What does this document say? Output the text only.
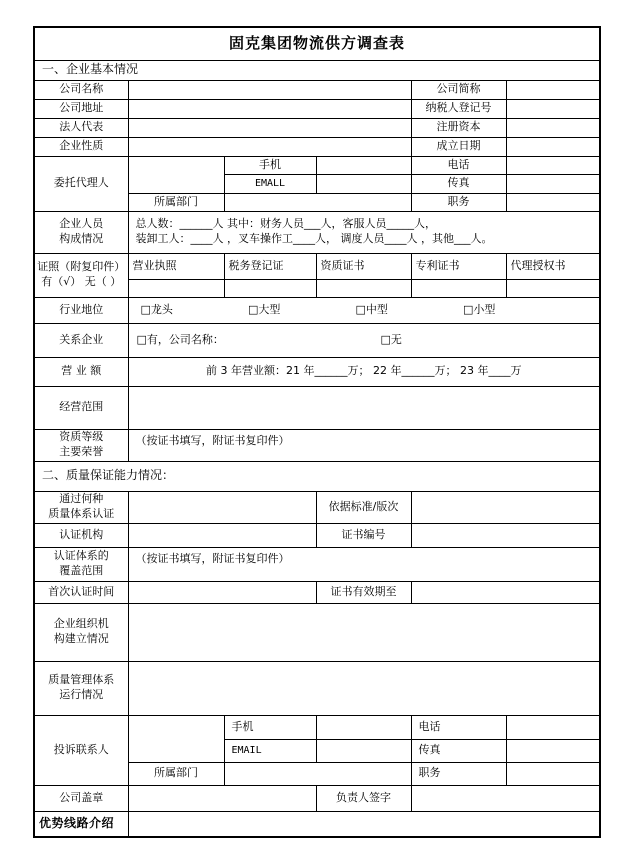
固克集团物流供方调查表					
一、企业基本情况					
公司名称				公司简称	
公司地址				纳税人登记号	
法人代表				注册资本	
企业性质				成立日期	
委托代理人		手机		电话	
		EMALL		传真	
	所属部门			职务	
企业人员
构成情况	总人数：______人 其中：财务人员___人，客服人员_____人，
装卸工人：____人 ，叉车操作工____人， 调度人员____人 ，其他___人。				
证照（附复印件）
有（√） 无（ ）	营业执照	税务登记证	资质证书	专利证书	代理授权书

行业地位	□龙头 □大型 □中型 □小型				
关系企业	□有，公司名称： □无				

营 业 额	前 3 年营业额：21 年______万； 22 年______万； 23 年____万				
经营范围					
资质等级
主要荣誉	（按证书填写，附证书复印件）				
二、质量保证能力情况：					
通过何种
质量体系认证			依据标准/版次		
认证机构			证书编号		
认证体系的
覆盖范围	（按证书填写，附证书复印件）				
首次认证时间			证书有效期至		
企业组织机
构建立情况					
质量管理体系
运行情况					
投诉联系人		手机		电话	
		EMAIL		传真	
	所属部门			职务	
公司盖章			负责人签字		
优势线路介绍					
